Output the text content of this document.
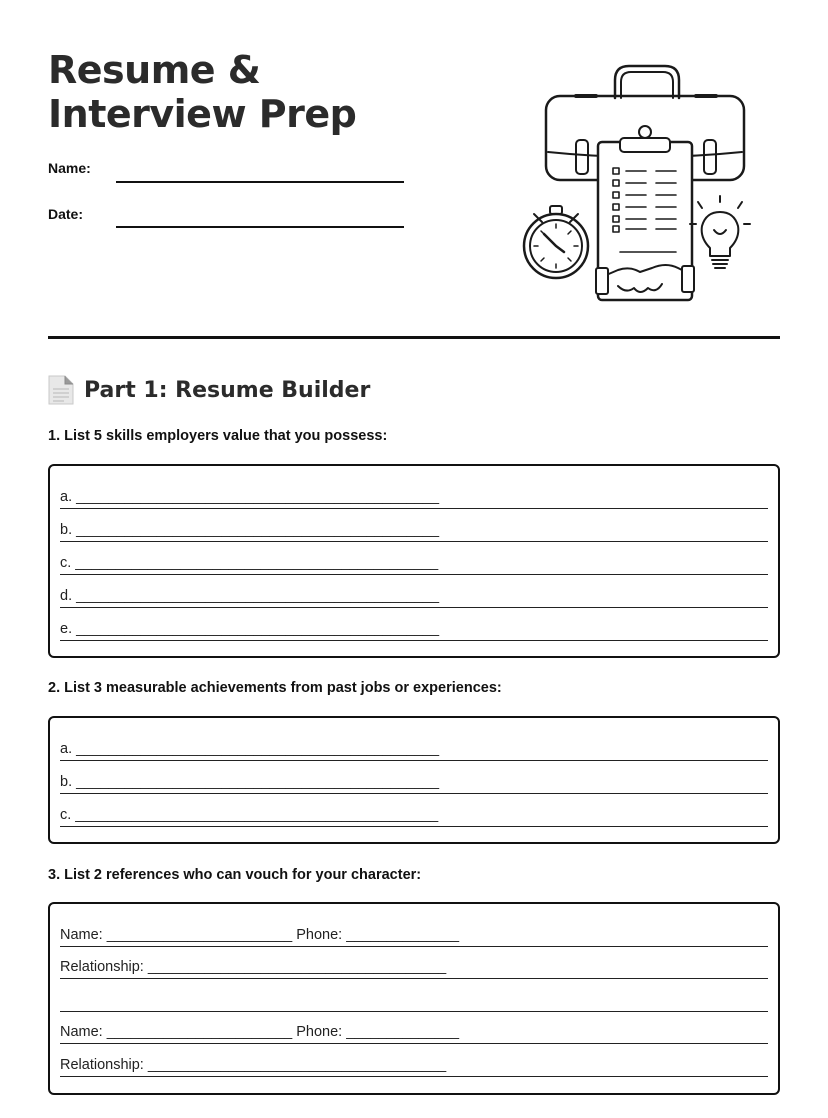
Resume & Interview Prep
Name:
Date:
Part 1: Resume Builder
1. List 5 skills employers value that you possess:
a. _____________________________________________
b. _____________________________________________
c. _____________________________________________
d. _____________________________________________
e. _____________________________________________
2. List 3 measurable achievements from past jobs or experiences:
a. _____________________________________________
b. _____________________________________________
c. _____________________________________________
3. List 2 references who can vouch for your character:
Name: _______________________ Phone: ______________
Relationship: _____________________________________
Name: _______________________ Phone: ______________
Relationship: _____________________________________
